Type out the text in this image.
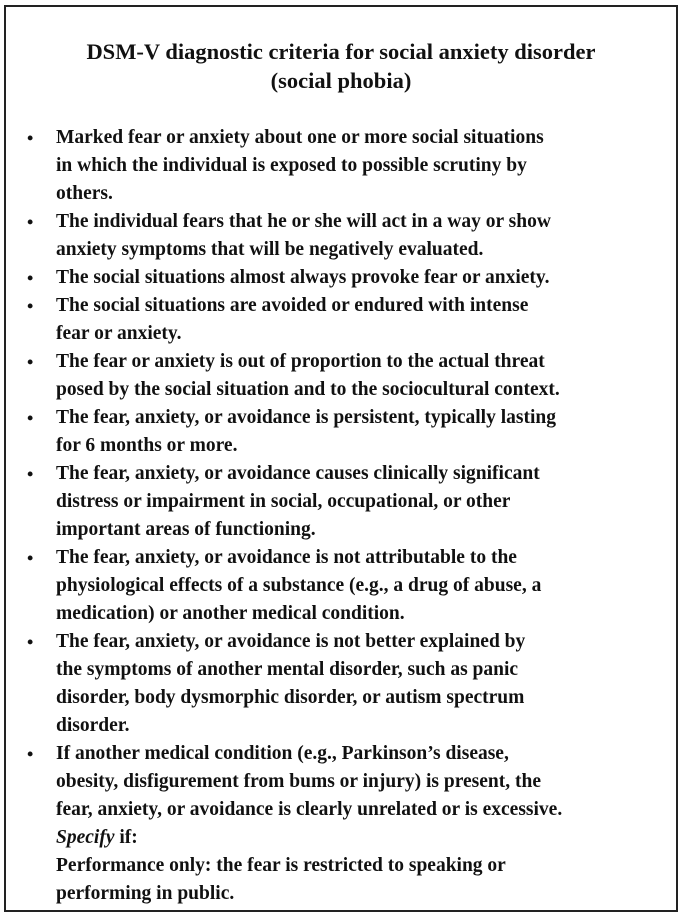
DSM-V diagnostic criteria for social anxiety disorder
(social phobia)
• Marked fear or anxiety about one or more social situations
in which the individual is exposed to possible scrutiny by
others.
• The individual fears that he or she will act in a way or show
anxiety symptoms that will be negatively evaluated.
• The social situations almost always provoke fear or anxiety.
• The social situations are avoided or endured with intense
fear or anxiety.
• The fear or anxiety is out of proportion to the actual threat
posed by the social situation and to the sociocultural context.
• The fear, anxiety, or avoidance is persistent, typically lasting
for 6 months or more.
• The fear, anxiety, or avoidance causes clinically significant
distress or impairment in social, occupational, or other
important areas of functioning.
• The fear, anxiety, or avoidance is not attributable to the
physiological effects of a substance (e.g., a drug of abuse, a
medication) or another medical condition.
• The fear, anxiety, or avoidance is not better explained by
the symptoms of another mental disorder, such as panic
disorder, body dysmorphic disorder, or autism spectrum
disorder.
• If another medical condition (e.g., Parkinson’s disease,
obesity, disfigurement from bums or injury) is present, the
fear, anxiety, or avoidance is clearly unrelated or is excessive.
Specify if:
Performance only: the fear is restricted to speaking or
performing in public.
